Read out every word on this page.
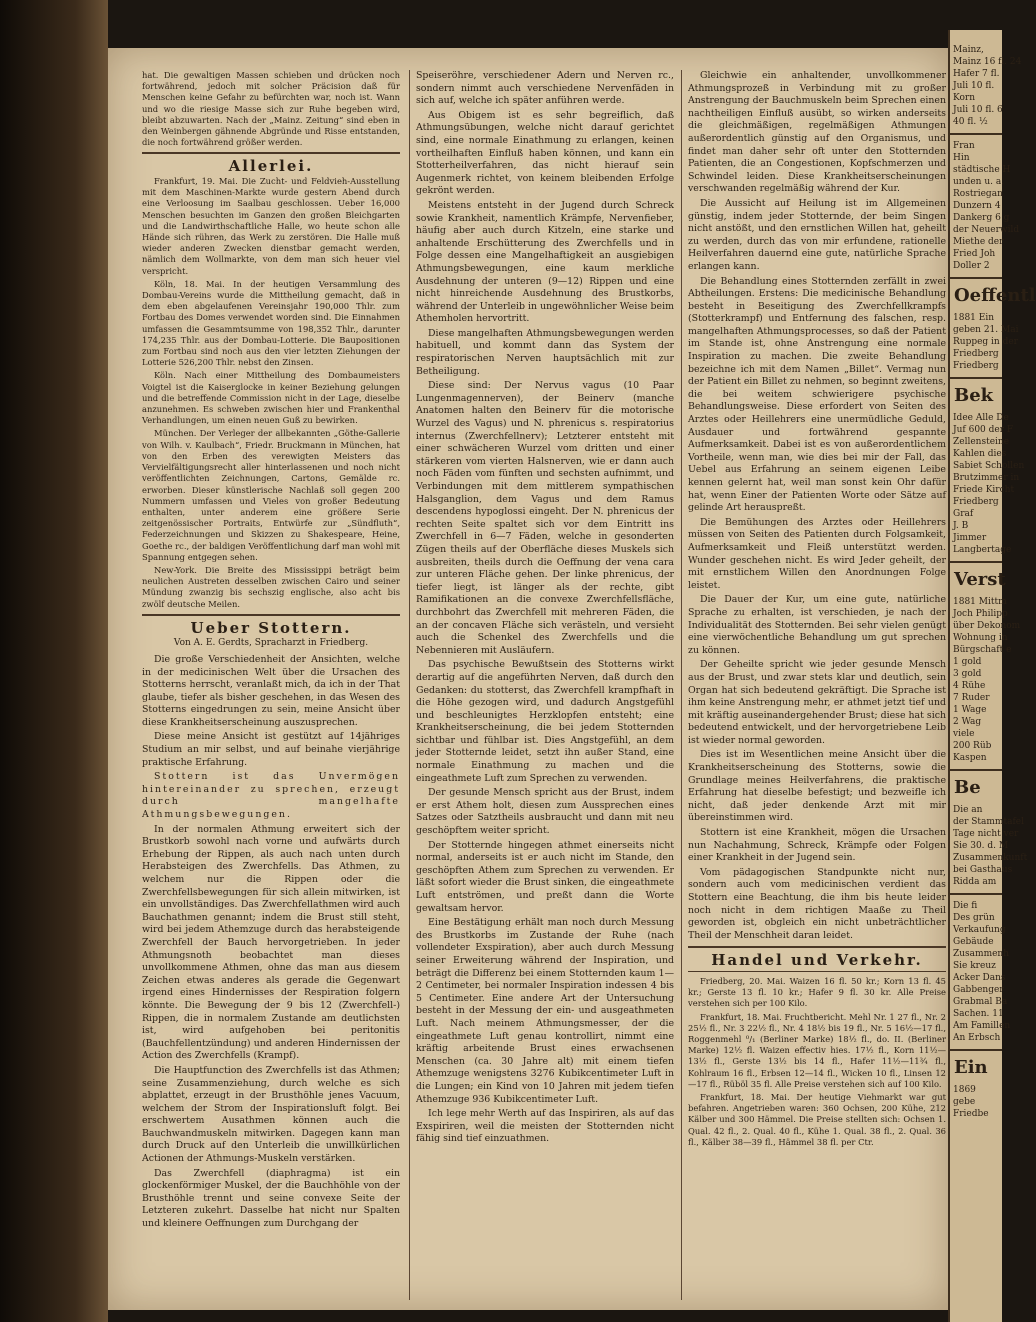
hat. Die gewaltigen Massen schieben und drücken noch fortwährend, jedoch mit solcher Präcision daß für Menschen keine Gefahr zu befürchten war, noch ist. Wann und wo die riesige Masse sich zur Ruhe begeben wird, bleibt abzuwarten. Nach der „Mainz. Zeitung“ sind eben in den Weinbergen gähnende Abgründe und Risse entstanden, die noch fortwährend größer werden.

Allerlei.

Frankfurt, 19. Mai. Die Zucht- und Feldvieh-Ausstellung mit dem Maschinen-Markte wurde gestern Abend durch eine Verloosung im Saalbau geschlossen. Ueber 16,000 Menschen besuchten im Ganzen den großen Bleichgarten und die Landwirthschaftliche Halle, wo heute schon alle Hände sich rühren, das Werk zu zerstören. Die Halle muß wieder anderen Zwecken dienstbar gemacht werden, nämlich dem Wollmarkte, von dem man sich heuer viel verspricht.

Köln, 18. Mai. In der heutigen Versammlung des Dombau-Vereins wurde die Mittheilung gemacht, daß in dem eben abgelaufenen Vereinsjahr 190,000 Thlr. zum Fortbau des Domes verwendet worden sind. Die Einnahmen umfassen die Gesammtsumme von 198,352 Thlr., darunter 174,235 Thlr. aus der Dombau-Lotterie. Die Baupositionen zum Fortbau sind noch aus den vier letzten Ziehungen der Lotterie 526,200 Thlr. nebst den Zinsen.

Köln. Nach einer Mittheilung des Dombaumeisters Voigtel ist die Kaiserglocke in keiner Beziehung gelungen und die betreffende Commission nicht in der Lage, dieselbe anzunehmen. Es schweben zwischen hier und Frankenthal Verhandlungen, um einen neuen Guß zu bewirken.

München. Der Verleger der allbekannten „Göthe-Gallerie von Wilh. v. Kaulbach“, Friedr. Bruckmann in München, hat von den Erben des verewigten Meisters das Vervielfältigungsrecht aller hinterlassenen und noch nicht veröffentlichten Zeichnungen, Cartons, Gemälde rc. erworben. Dieser künstlerische Nachlaß soll gegen 200 Nummern umfassen und Vieles von großer Bedeutung enthalten, unter anderem eine größere Serie zeitgenössischer Portraits, Entwürfe zur „Sündfluth“, Federzeichnungen und Skizzen zu Shakespeare, Heine, Goethe rc., der baldigen Veröffentlichung darf man wohl mit Spannung entgegen sehen.

New-York. Die Breite des Mississippi beträgt beim neulichen Austreten desselben zwischen Cairo und seiner Mündung zwanzig bis sechszig englische, also acht bis zwölf deutsche Meilen.

Ueber Stottern.
Von A. E. Gerdts, Spracharzt in Friedberg.

Die große Verschiedenheit der Ansichten, welche in der medicinischen Welt über die Ursachen des Stotterns herrscht, veranlaßt mich, da ich in der That glaube, tiefer als bisher geschehen, in das Wesen des Stotterns eingedrungen zu sein, meine Ansicht über diese Krankheitserscheinung auszusprechen.

Diese meine Ansicht ist gestützt auf 14jähriges Studium an mir selbst, und auf beinahe vierjährige praktische Erfahrung.

Stottern ist das Unvermögen hintereinander zu sprechen, erzeugt durch mangelhafte Athmungsbewegungen.

In der normalen Athmung erweitert sich der Brustkorb sowohl nach vorne und aufwärts durch Erhebung der Rippen, als auch nach unten durch Herabsteigen des Zwerchfells. Das Athmen, zu welchem nur die Rippen oder die Zwerchfellsbewegungen für sich allein mitwirken, ist ein unvollständiges. Das Zwerchfellathmen wird auch Bauchathmen genannt; indem die Brust still steht, wird bei jedem Athemzuge durch das herabsteigende Zwerchfell der Bauch hervorgetrieben. In jeder Athmungsnoth beobachtet man dieses unvollkommene Athmen, ohne das man aus diesem Zeichen etwas anderes als gerade die Gegenwart irgend eines Hindernisses der Respiration folgern könnte. Die Bewegung der 9 bis 12 (Zwerchfell-) Rippen, die in normalem Zustande am deutlichsten ist, wird aufgehoben bei peritonitis (Bauchfellentzündung) und anderen Hindernissen der Action des Zwerchfells (Krampf).

Die Hauptfunction des Zwerchfells ist das Athmen; seine Zusammenziehung, durch welche es sich abplattet, erzeugt in der Brusthöhle jenes Vacuum, welchem der Strom der Inspirationsluft folgt. Bei erschwertem Ausathmen können auch die Bauchwandmuskeln mitwirken. Dagegen kann man durch Druck auf den Unterleib die unwillkürlichen Actionen der Athmungs-Muskeln verstärken.

Das Zwerchfell (diaphragma) ist ein glockenförmiger Muskel, der die Bauchhöhle von der Brusthöhle trennt und seine convexe Seite der Letzteren zukehrt. Dasselbe hat nicht nur Spalten und kleinere Oeffnungen zum Durchgang der

Speiseröhre, verschiedener Adern und Nerven rc., sondern nimmt auch verschiedene Nervenfäden in sich auf, welche ich später anführen werde.

Aus Obigem ist es sehr begreiflich, daß Athmungsübungen, welche nicht darauf gerichtet sind, eine normale Einathmung zu erlangen, keinen vortheilhaften Einfluß haben können, und kann ein Stotterheilverfahren, das nicht hierauf sein Augenmerk richtet, von keinem bleibenden Erfolge gekrönt werden.

Meistens entsteht in der Jugend durch Schreck sowie Krankheit, namentlich Krämpfe, Nervenfieber, häufig aber auch durch Kitzeln, eine starke und anhaltende Erschütterung des Zwerchfells und in Folge dessen eine Mangelhaftigkeit an ausgiebigen Athmungsbewegungen, eine kaum merkliche Ausdehnung der unteren (9—12) Rippen und eine nicht hinreichende Ausdehnung des Brustkorbs, während der Unterleib in ungewöhnlicher Weise beim Athemholen hervortritt.

Diese mangelhaften Athmungsbewegungen werden habituell, und kommt dann das System der respiratorischen Nerven hauptsächlich mit zur Betheiligung.

Diese sind: Der Nervus vagus (10 Paar Lungenmagennerven), der Beinerv (manche Anatomen halten den Beinerv für die motorische Wurzel des Vagus) und N. phrenicus s. respiratorius internus (Zwerchfellnerv); Letzterer entsteht mit einer schwächeren Wurzel vom dritten und einer stärkeren vom vierten Halsnerven, wie er dann auch noch Fäden vom fünften und sechsten aufnimmt, und Verbindungen mit dem mittlerem sympathischen Halsganglion, dem Vagus und dem Ramus descendens hypoglossi eingeht. Der N. phrenicus der rechten Seite spaltet sich vor dem Eintritt ins Zwerchfell in 6—7 Fäden, welche in gesonderten Zügen theils auf der Oberfläche dieses Muskels sich ausbreiten, theils durch die Oeffnung der vena cara zur unteren Fläche gehen. Der linke phrenicus, der tiefer liegt, ist länger als der rechte, gibt Ramifikationen an die convexe Zwerchfellsfläche, durchbohrt das Zwerchfell mit mehreren Fäden, die an der concaven Fläche sich verästeln, und versieht auch die Schenkel des Zwerchfells und die Nebennieren mit Ausläufern.

Das psychische Bewußtsein des Stotterns wirkt derartig auf die angeführten Nerven, daß durch den Gedanken: du stotterst, das Zwerchfell krampfhaft in die Höhe gezogen wird, und dadurch Angstgefühl und beschleunigtes Herzklopfen entsteht; eine Krankheitserscheinung, die bei jedem Stotternden sichtbar und fühlbar ist. Dies Angstgefühl, an dem jeder Stotternde leidet, setzt ihn außer Stand, eine normale Einathmung zu machen und die eingeathmete Luft zum Sprechen zu verwenden.

Der gesunde Mensch spricht aus der Brust, indem er erst Athem holt, diesen zum Aussprechen eines Satzes oder Satztheils ausbraucht und dann mit neu geschöpftem weiter spricht.

Der Stotternde hingegen athmet einerseits nicht normal, anderseits ist er auch nicht im Stande, den geschöpften Athem zum Sprechen zu verwenden. Er läßt sofort wieder die Brust sinken, die eingeathmete Luft entströmen, und preßt dann die Worte gewaltsam hervor.

Eine Bestätigung erhält man noch durch Messung des Brustkorbs im Zustande der Ruhe (nach vollendeter Exspiration), aber auch durch Messung seiner Erweiterung während der Inspiration, und beträgt die Differenz bei einem Stotternden kaum 1—2 Centimeter, bei normaler Inspiration indessen 4 bis 5 Centimeter. Eine andere Art der Untersuchung besteht in der Messung der ein- und ausgeathmeten Luft. Nach meinem Athmungsmesser, der die eingeathmete Luft genau kontrollirt, nimmt eine kräftig arbeitende Brust eines erwachsenen Menschen (ca. 30 Jahre alt) mit einem tiefen Athemzuge wenigstens 3276 Kubikcentimeter Luft in die Lungen; ein Kind von 10 Jahren mit jedem tiefen Athemzuge 936 Kubikcentimeter Luft.

Ich lege mehr Werth auf das Inspiriren, als auf das Exspiriren, weil die meisten der Stotternden nicht fähig sind tief einzuathmen.

Gleichwie ein anhaltender, unvollkommener Athmungsprozeß in Verbindung mit zu großer Anstrengung der Bauchmuskeln beim Sprechen einen nachtheiligen Einfluß ausübt, so wirken anderseits die gleichmäßigen, regelmäßigen Athmungen außerordentlich günstig auf den Organismus, und findet man daher sehr oft unter den Stotternden Patienten, die an Congestionen, Kopfschmerzen und Schwindel leiden. Diese Krankheitserscheinungen verschwanden regelmäßig während der Kur.

Die Aussicht auf Heilung ist im Allgemeinen günstig, indem jeder Stotternde, der beim Singen nicht anstößt, und den ernstlichen Willen hat, geheilt zu werden, durch das von mir erfundene, rationelle Heilverfahren dauernd eine gute, natürliche Sprache erlangen kann.

Die Behandlung eines Stotternden zerfällt in zwei Abtheilungen. Erstens: Die medicinische Behandlung besteht in Beseitigung des Zwerchfellkrampfs (Stotterkrampf) und Entfernung des falschen, resp. mangelhaften Athmungsprocesses, so daß der Patient im Stande ist, ohne Anstrengung eine normale Inspiration zu machen. Die zweite Behandlung bezeichne ich mit dem Namen „Billet“. Vermag nun der Patient ein Billet zu nehmen, so beginnt zweitens, die bei weitem schwierigere psychische Behandlungsweise. Diese erfordert von Seiten des Arztes oder Heillehrers eine unermüdliche Geduld, Ausdauer und fortwährend gespannte Aufmerksamkeit. Dabei ist es von außerordentlichem Vortheile, wenn man, wie dies bei mir der Fall, das Uebel aus Erfahrung an seinem eigenen Leibe kennen gelernt hat, weil man sonst kein Ohr dafür hat, wenn Einer der Patienten Worte oder Sätze auf gelinde Art herauspreßt.

Die Bemühungen des Arztes oder Heillehrers müssen von Seiten des Patienten durch Folgsamkeit, Aufmerksamkeit und Fleiß unterstützt werden. Wunder geschehen nicht. Es wird Jeder geheilt, der mit ernstlichem Willen den Anordnungen Folge leistet.

Die Dauer der Kur, um eine gute, natürliche Sprache zu erhalten, ist verschieden, je nach der Individualität des Stotternden. Bei sehr vielen genügt eine vierwöchentliche Behandlung um gut sprechen zu können.

Der Geheilte spricht wie jeder gesunde Mensch aus der Brust, und zwar stets klar und deutlich, sein Organ hat sich bedeutend gekräftigt. Die Sprache ist ihm keine Anstrengung mehr, er athmet jetzt tief und mit kräftig auseinandergehender Brust; diese hat sich bedeutend entwickelt, und der hervorgetriebene Leib ist wieder normal geworden.

Dies ist im Wesentlichen meine Ansicht über die Krankheitserscheinung des Stotterns, sowie die Grundlage meines Heilverfahrens, die praktische Erfahrung hat dieselbe befestigt; und bezweifle ich nicht, daß jeder denkende Arzt mit mir übereinstimmen wird.

Stottern ist eine Krankheit, mögen die Ursachen nun Nachahmung, Schreck, Krämpfe oder Folgen einer Krankheit in der Jugend sein.

Vom pädagogischen Standpunkte nicht nur, sondern auch vom medicinischen verdient das Stottern eine Beachtung, die ihm bis heute leider noch nicht in dem richtigen Maaße zu Theil geworden ist, obgleich ein nicht unbeträchtlicher Theil der Menschheit daran leidet.

Handel und Verkehr.

Friedberg, 20. Mai. Waizen 16 fl. 50 kr.; Korn 13 fl. 45 kr.; Gerste 13 fl. 10 kr.; Hafer 9 fl. 30 kr. Alle Preise verstehen sich per 100 Kilo.

Frankfurt, 18. Mai. Fruchtbericht. Mehl Nr. 1 27 fl., Nr. 2 25½ fl., Nr. 3 22½ fl., Nr. 4 18½ bis 19 fl., Nr. 5 16½—17 fl., Roggenmehl ⁰/₁ (Berliner Marke) 18½ fl., do. II. (Berliner Marke) 12½ fl. Waizen effectiv hies. 17½ fl., Korn 11½—13½ fl., Gerste 13½ bis 14 fl., Hafer 11½—11¾ fl., Kohlraum 16 fl., Erbsen 12—14 fl., Wicken 10 fl., Linsen 12—17 fl., Rüböl 35 fl. Alle Preise verstehen sich auf 100 Kilo.

Frankfurt, 18. Mai. Der heutige Viehmarkt war gut befahren. Angetrieben waren: 360 Ochsen, 200 Kühe, 212 Kälber und 300 Hämmel. Die Preise stellten sich: Ochsen 1. Qual. 42 fl., 2. Qual. 40 fl., Kühe 1. Qual. 38 fl., 2. Qual. 36 fl., Kälber 38—39 fl., Hämmel 38 fl. per Ctr.

Mainz,
Mainz 16 fl. 24
Hafer 7 fl.
Juli 10 fl.
Korn
Juli 10 fl. 6
40 fl. ½
Fran
Hin
städtische H
unden u. a.
Rostriegan
Dunzern 4
Dankerg 6 g
der Neuerwild
Miethe der
Fried Joh
Doller 2
Oeffentl
1881 Ein
geben 21. Mai
Ruppeg in der
Friedberg
Friedberg
Bek
Idee Alle De
Juf 600 der F
Zellensteine
Kahlen dies
Sabiet Schollen
Brutzimmer in
Friede Kircht
Friedberg
Graf
J. B
Jimmer
Langbertage
Verst
1881 Mittm
Joch Philipp
über Dekonom
Wohnung in
Bürgschaft e
1 gold
3 gold
4 Rühe
7 Ruder
1 Wage
2 Wag
viele
200 Rüb
Kaspen
Be
Die an
der Stammtafel
Tage nicht ver
Sie 30. d. M
Zusammenkunft
bei Gasthaus
Ridda am
Die fi
Des grün
Verkaufung
Gebäude
Zusammenh
Sie kreuz
Acker Dans
Gabbenger
Grabmal Ba
Sachen. 11
Am Famillen
An Erbsch
Ein
1869
gebe
Friedbe
